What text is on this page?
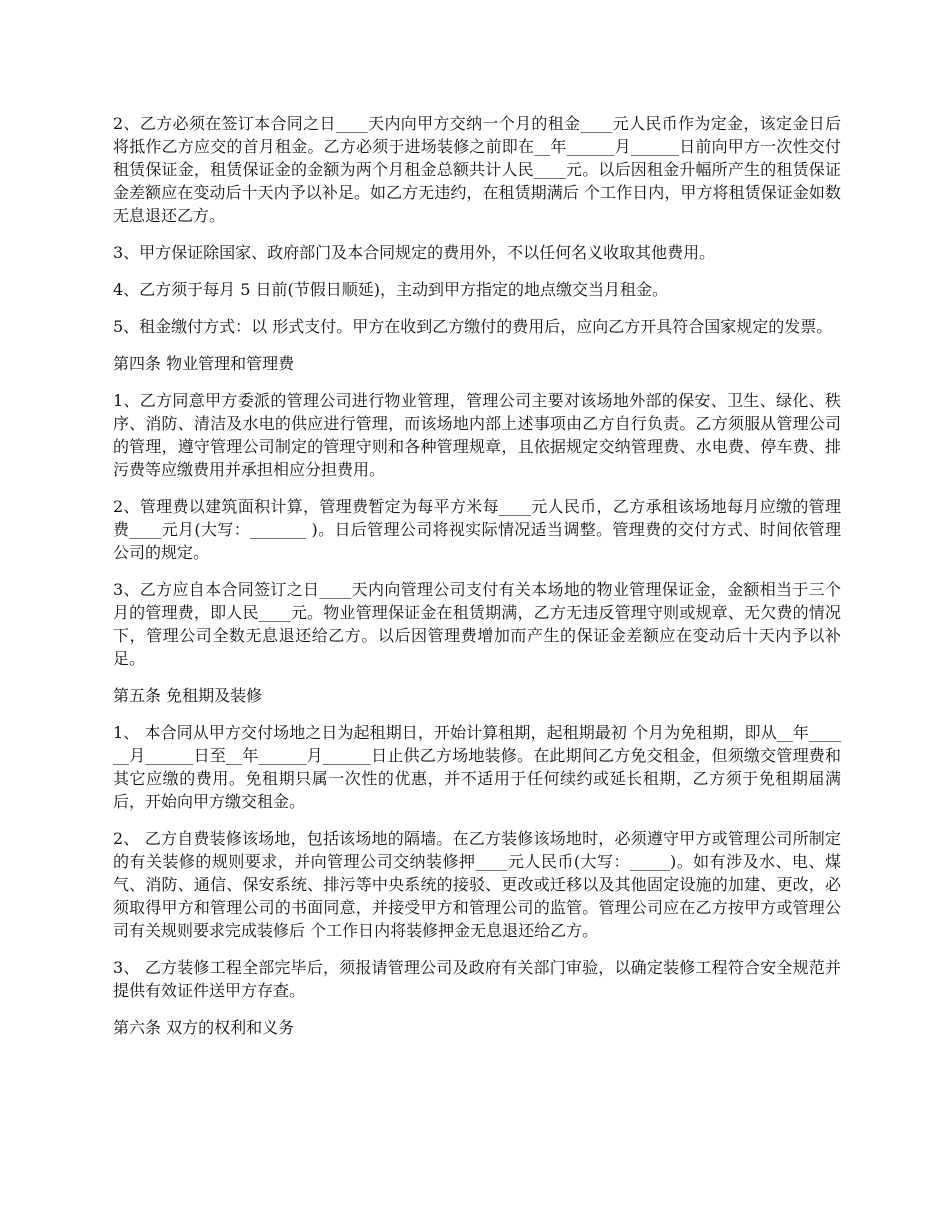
2、乙方必须在签订本合同之日____天内向甲方交纳一个月的租金____元人民币作为定金，该定金日后将抵作乙方应交的首月租金。乙方必须于进场装修之前即在__年______月______日前向甲方一次性交付租赁保证金，租赁保证金的金额为两个月租金总额共计人民____元。以后因租金升幅所产生的租赁保证金差额应在变动后十天内予以补足。如乙方无违约，在租赁期满后 个工作日内，甲方将租赁保证金如数无息退还乙方。

3、甲方保证除国家、政府部门及本合同规定的费用外，不以任何名义收取其他费用。

4、乙方须于每月 5 日前(节假日顺延)，主动到甲方指定的地点缴交当月租金。

5、租金缴付方式：以 形式支付。甲方在收到乙方缴付的费用后，应向乙方开具符合国家规定的发票。

第四条 物业管理和管理费

1、乙方同意甲方委派的管理公司进行物业管理，管理公司主要对该场地外部的保安、卫生、绿化、秩序、消防、清洁及水电的供应进行管理，而该场地内部上述事项由乙方自行负责。乙方须服从管理公司的管理，遵守管理公司制定的管理守则和各种管理规章，且依据规定交纳管理费、水电费、停车费、排污费等应缴费用并承担相应分担费用。

2、管理费以建筑面积计算，管理费暂定为每平方米每____元人民币，乙方承租该场地每月应缴的管理费____元月(大写：_______ )。日后管理公司将视实际情况适当调整。管理费的交付方式、时间依管理公司的规定。

3、乙方应自本合同签订之日____天内向管理公司支付有关本场地的物业管理保证金，金额相当于三个月的管理费，即人民____元。物业管理保证金在租赁期满，乙方无违反管理守则或规章、无欠费的情况下，管理公司全数无息退还给乙方。以后因管理费增加而产生的保证金差额应在变动后十天内予以补足。

第五条 免租期及装修

1、 本合同从甲方交付场地之日为起租期日，开始计算租期，起租期最初 个月为免租期，即从__年______月______日至__年______月______日止供乙方场地装修。在此期间乙方免交租金，但须缴交管理费和其它应缴的费用。免租期只属一次性的优惠，并不适用于任何续约或延长租期，乙方须于免租期届满后，开始向甲方缴交租金。

2、 乙方自费装修该场地，包括该场地的隔墙。在乙方装修该场地时，必须遵守甲方或管理公司所制定的有关装修的规则要求，并向管理公司交纳装修押____元人民币(大写：_____)。如有涉及水、电、煤气、消防、通信、保安系统、排污等中央系统的接驳、更改或迁移以及其他固定设施的加建、更改，必须取得甲方和管理公司的书面同意，并接受甲方和管理公司的监管。管理公司应在乙方按甲方或管理公司有关规则要求完成装修后 个工作日内将装修押金无息退还给乙方。

3、 乙方装修工程全部完毕后，须报请管理公司及政府有关部门审验，以确定装修工程符合安全规范并提供有效证件送甲方存查。

第六条 双方的权利和义务
